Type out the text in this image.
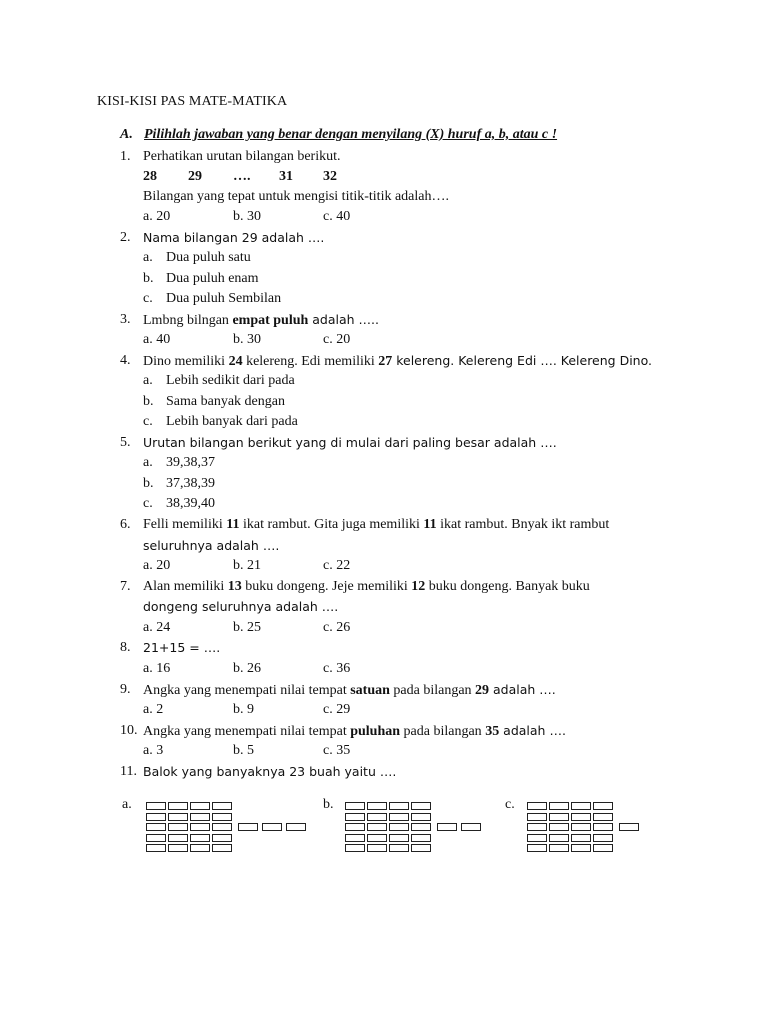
KISI-KISI PAS MATE-MATIKA
A. Pilihlah jawaban yang benar dengan menyilang (X) huruf a, b, atau c !
1. Perhatikan urutan bilangan berikut.
28 29 …. 31 32
Bilangan yang tepat untuk mengisi titik-titik adalah….
a. 20	b. 30	c. 40
2. Nama bilangan 29 adalah ….
a. Dua puluh satu
b. Dua puluh enam
c. Dua puluh Sembilan
3. Lmbng bilngan empat puluh adalah …..
a. 40	b. 30	c. 20
4. Dino memiliki 24 kelereng. Edi memiliki 27 kelereng. Kelereng Edi …. Kelereng Dino.
a. Lebih sedikit dari pada
b. Sama banyak dengan
c. Lebih banyak dari pada
5. Urutan bilangan berikut yang di mulai dari paling besar adalah ….
a. 39,38,37
b. 37,38,39
c. 38,39,40
6. Felli memiliki 11 ikat rambut. Gita juga memiliki 11 ikat rambut. Bnyak ikt rambut
seluruhnya adalah ….
a. 20	b. 21	c. 22
7. Alan memiliki 13 buku dongeng. Jeje memiliki 12 buku dongeng. Banyak buku
dongeng seluruhnya adalah ….
a. 24	b. 25	c. 26
8. 21+15 = ….
a. 16	b. 26	c. 36
9. Angka yang menempati nilai tempat satuan pada bilangan 29 adalah ….
a. 2	b. 9	c. 29
10. Angka yang menempati nilai tempat puluhan pada bilangan 35 adalah ….
a. 3	b. 5	c. 35
11. Balok yang banyaknya 23 buah yaitu ….
a.	b.	c.
